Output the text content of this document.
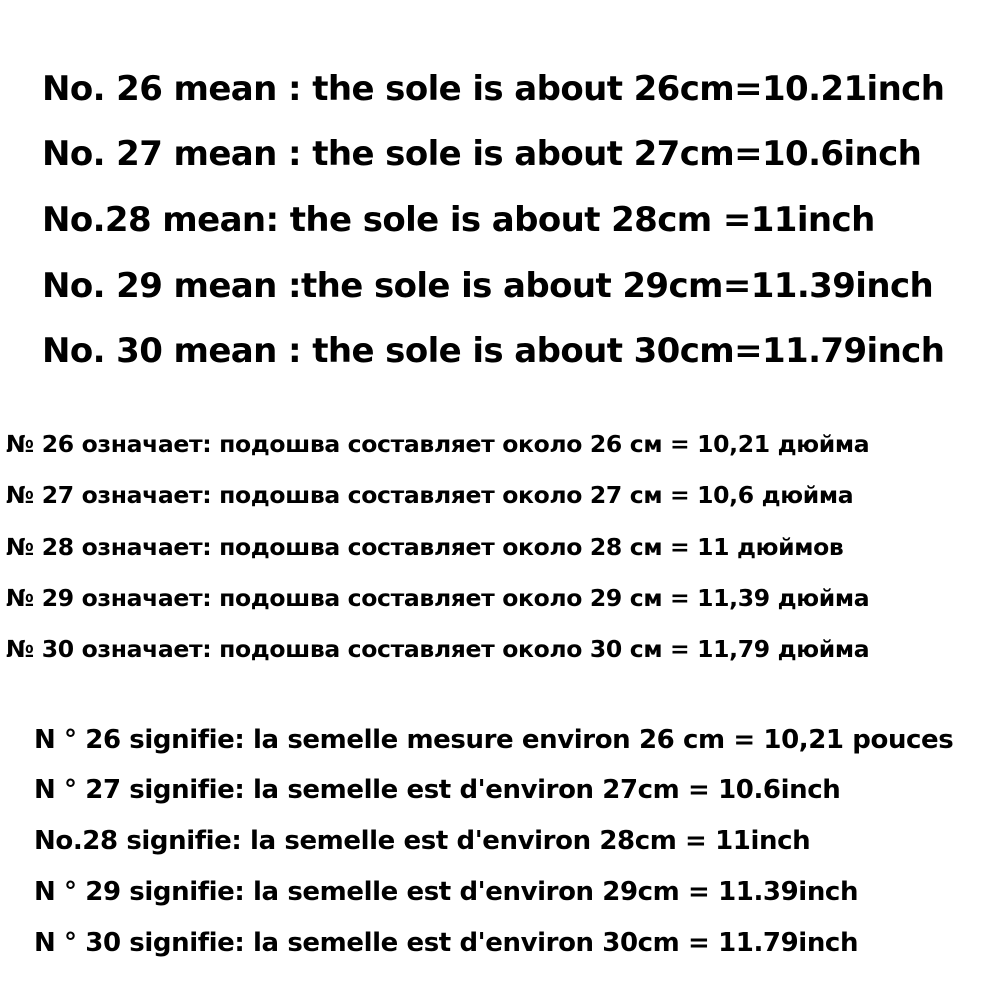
No. 26 mean : the sole is about 26cm=10.21inch
No. 27 mean : the sole is about 27cm=10.6inch
No.28 mean: the sole is about 28cm =11inch
No. 29 mean :the sole is about 29cm=11.39inch
No. 30 mean : the sole is about 30cm=11.79inch
№ 26 означает: подошва составляет около 26 см = 10,21 дюйма
№ 27 означает: подошва составляет около 27 см = 10,6 дюйма
№ 28 означает: подошва составляет около 28 см = 11 дюймов
№ 29 означает: подошва составляет около 29 см = 11,39 дюйма
№ 30 означает: подошва составляет около 30 см = 11,79 дюйма
N ° 26 signifie: la semelle mesure environ 26 cm = 10,21 pouces
N ° 27 signifie: la semelle est d'environ 27cm = 10.6inch
No.28 signifie: la semelle est d'environ 28cm = 11inch
N ° 29 signifie: la semelle est d'environ 29cm = 11.39inch
N ° 30 signifie: la semelle est d'environ 30cm = 11.79inch
